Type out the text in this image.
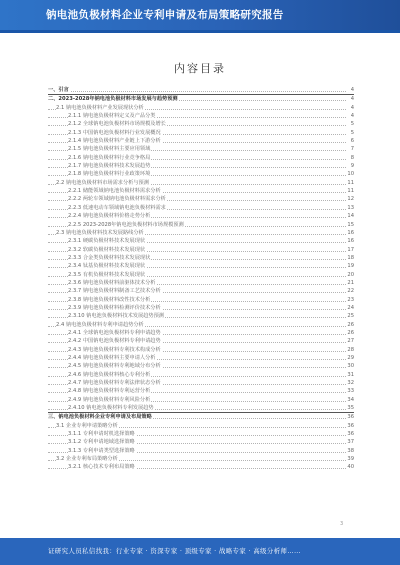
钠电池负极材料企业专利申请及布局策略研究报告
内容目录
一、引言	4
二、2023-2028年钠电池负极材料市场发展与趋势预测	4
2.1 钠电池负极材料产业发展现状分析	4
2.1.1 钠电池负极材料定义及产品分类	4
2.1.2 全球钠电池负极材料市场规模及增长	5
2.1.3 中国钠电池负极材料行业发展概况	5
2.1.4 钠电池负极材料产业链上下游分析	6
2.1.5 钠电池负极材料主要应用领域	7
2.1.6 钠电池负极材料行业竞争格局	8
2.1.7 钠电池负极材料技术发展趋势	9
2.1.8 钠电池负极材料行业政策环境	10
2.2 钠电池负极材料市场需求分析与预测	11
2.2.1 储能领域钠电池负极材料需求分析	11
2.2.2 两轮车领域钠电池负极材料需求分析	12
2.2.3 低速电动车领域钠电池负极材料需求	13
2.2.4 钠电池负极材料价格走势分析	14
2.2.5 2023-2028年钠电池负极材料市场规模预测	15
2.3 钠电池负极材料技术发展路线分析	16
2.3.1 硬碳负极材料技术发展现状	16
2.3.2 软碳负极材料技术发展现状	17
2.3.3 合金类负极材料技术发展现状	18
2.3.4 钛基负极材料技术发展现状	19
2.3.5 有机负极材料技术发展现状	20
2.3.6 钠电池负极材料前驱体技术分析	21
2.3.7 钠电池负极材料制备工艺技术分析	22
2.3.8 钠电池负极材料改性技术分析	23
2.3.9 钠电池负极材料检测评价技术分析	24
2.3.10 钠电池负极材料技术发展趋势预测	25
2.4 钠电池负极材料专利申请趋势分析	26
2.4.1 全球钠电池负极材料专利申请趋势	26
2.4.2 中国钠电池负极材料专利申请趋势	27
2.4.3 钠电池负极材料专利技术构成分析	28
2.4.4 钠电池负极材料主要申请人分析	29
2.4.5 钠电池负极材料专利地域分布分析	30
2.4.6 钠电池负极材料核心专利分析	31
2.4.7 钠电池负极材料专利法律状态分析	32
2.4.8 钠电池负极材料专利运营分析	33
2.4.9 钠电池负极材料专利风险分析	34
2.4.10 钠电池负极材料专利发展趋势	35
三、钠电池负极材料企业专利申请及布局策略	36
3.1 企业专利申请策略分析	36
3.1.1 专利申请时机选择策略	36
3.1.2 专利申请地域选择策略	37
3.1.3 专利申请类型选择策略	38
3.2 企业专利布局策略分析	39
3.2.1 核心技术专利布局策略	40
3
证研究人员私信找我：行业专家 · 资深专家 · 顶级专家 · 战略专家 · 高级分析师……
